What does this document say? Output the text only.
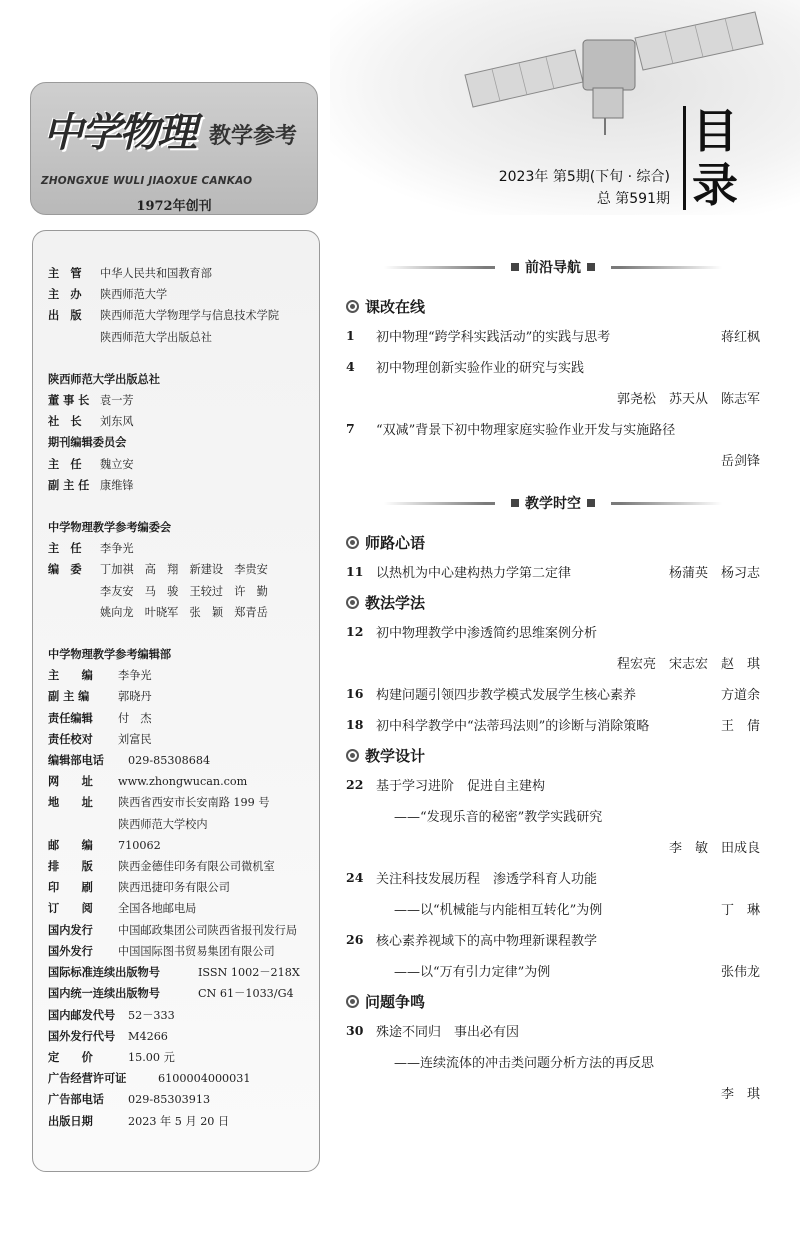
中学物理 教学参考
ZHONGXUE WULI JIAOXUE CANKAO
1972年创刊
2023年 第5期(下旬 · 综合)
总 第591期
目
录
主　管	中华人民共和国教育部
主　办	陕西师范大学
出　版	陕西师范大学物理学与信息技术学院
陕西师范大学出版总社
陕西师范大学出版总社
董 事 长 袁一芳
社　长	刘东风
期刊编辑委员会
主　任	魏立安
副 主 任 康维锋
中学物理教学参考编委会
主　任	李争光
编　委	丁加祺　高　翔　新建设　李贵安
李友安　马　骏　王较过　许　勤
姚向龙　叶晓军　张　颖　郑青岳
中学物理教学参考编辑部
主　　编	李争光
副 主 编	郭晓丹
责任编辑	付　杰
责任校对	刘富民
编辑部电话	029-85308684
网　　址	www.zhongwucan.com
地　　址	陕西省西安市长安南路 199 号
陕西师范大学校内
邮　　编	710062
排　　版	陕西金德佳印务有限公司微机室
印　　刷	陕西迅捷印务有限公司
订　　阅	全国各地邮电局
国内发行	中国邮政集团公司陕西省报刊发行局
国外发行	中国国际图书贸易集团有限公司
国际标准连续出版物号	ISSN 1002－218X
国内统一连续出版物号	CN 61－1033/G4
国内邮发代号	52－333
国外发行代号	M4266
定　　价	15.00 元
广告经营许可证	6100004000031
广告部电话	029-85303913
出版日期	2023 年 5 月 20 日
前沿导航
课改在线
1	初中物理“跨学科实践活动”的实践与思考	蒋红枫
4	初中物理创新实验作业的研究与实践
郭尧松　苏天从　陈志军
7	“双减”背景下初中物理家庭实验作业开发与实施路径
岳剑锋
教学时空
师路心语
11 以热机为中心建构热力学第二定律	杨蒲英　杨习志
教法学法
12 初中物理教学中渗透简约思维案例分析
程宏亮　宋志宏　赵　琪
16 构建问题引领四步教学模式发展学生核心素养	方道余
18 初中科学教学中“法蒂玛法则”的诊断与消除策略	王　倩
教学设计
22 基于学习进阶　促进自主建构
——“发现乐音的秘密”教学实践研究
李　敏　田成良
24 关注科技发展历程　渗透学科育人功能
——以“机械能与内能相互转化”为例	丁　琳
26 核心素养视域下的高中物理新课程教学
——以“万有引力定律”为例	张伟龙
问题争鸣
30 殊途不同归　事出必有因
——连续流体的冲击类问题分析方法的再反思
李　琪
